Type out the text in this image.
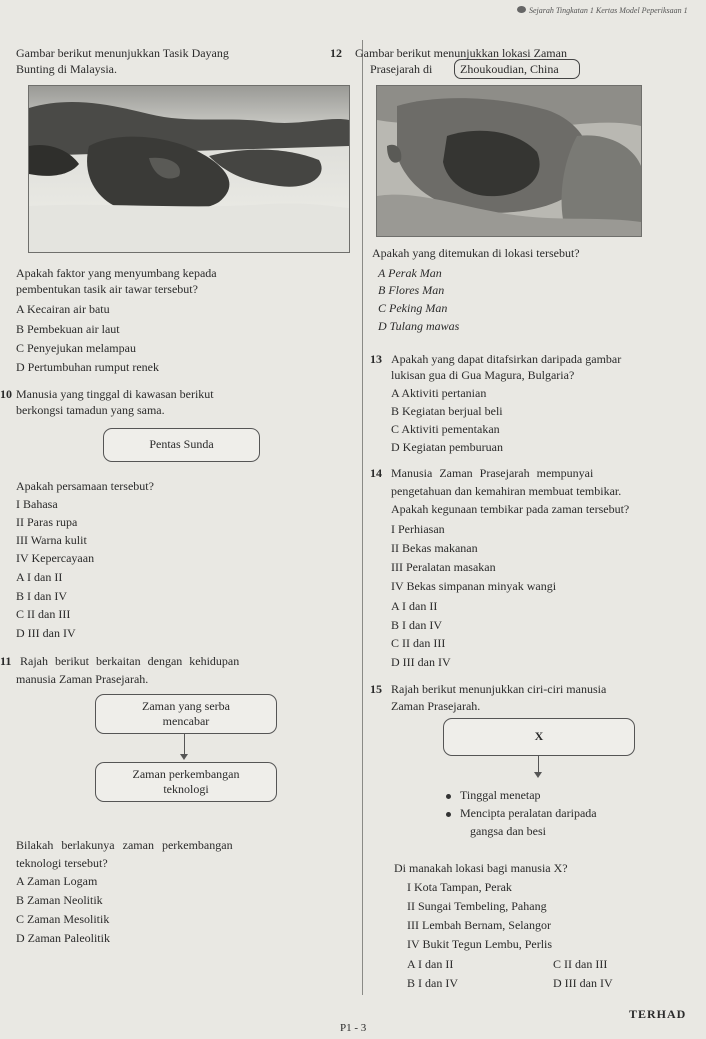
Sejarah Tingkatan 1 Kertas Model Peperiksaan 1
Gambar berikut menunjukkan Tasik Dayang
Bunting di Malaysia.
Apakah faktor yang menyumbang kepada
pembentukan tasik air tawar tersebut?
A Kecairan air batu
B Pembekuan air laut
C Penyejukan melampau
D Pertumbuhan rumput renek
10 Manusia yang tinggal di kawasan berikut
berkongsi tamadun yang sama.
Pentas Sunda
Apakah persamaan tersebut?
I Bahasa
II Paras rupa
III Warna kulit
IV Kepercayaan
A I dan II
B I dan IV
C II dan III
D III dan IV
11 Rajah berikut berkaitan dengan kehidupan
manusia Zaman Prasejarah.
Zaman yang serba
mencabar
Zaman perkembangan
teknologi
Bilakah berlakunya zaman perkembangan
teknologi tersebut?
A Zaman Logam
B Zaman Neolitik
C Zaman Mesolitik
D Zaman Paleolitik
12 Gambar berikut menunjukkan lokasi Zaman
Prasejarah di Zhoukoudian, China
Apakah yang ditemukan di lokasi tersebut?
A Perak Man
B Flores Man
C Peking Man
D Tulang mawas
13 Apakah yang dapat ditafsirkan daripada gambar
lukisan gua di Gua Magura, Bulgaria?
A Aktiviti pertanian
B Kegiatan berjual beli
C Aktiviti pementakan
D Kegiatan pemburuan
14 Manusia Zaman Prasejarah mempunyai
pengetahuan dan kemahiran membuat tembikar.
Apakah kegunaan tembikar pada zaman tersebut?
I Perhiasan
II Bekas makanan
III Peralatan masakan
IV Bekas simpanan minyak wangi
A I dan II
B I dan IV
C II dan III
D III dan IV
15 Rajah berikut menunjukkan ciri-ciri manusia
Zaman Prasejarah.
X
Tinggal menetap
Mencipta peralatan daripada
gangsa dan besi
Di manakah lokasi bagi manusia X?
I Kota Tampan, Perak
II Sungai Tembeling, Pahang
III Lembah Bernam, Selangor
IV Bukit Tegun Lembu, Perlis
A I dan II
B I dan IV
C II dan III
D III dan IV
P1 - 3
TERHAD
